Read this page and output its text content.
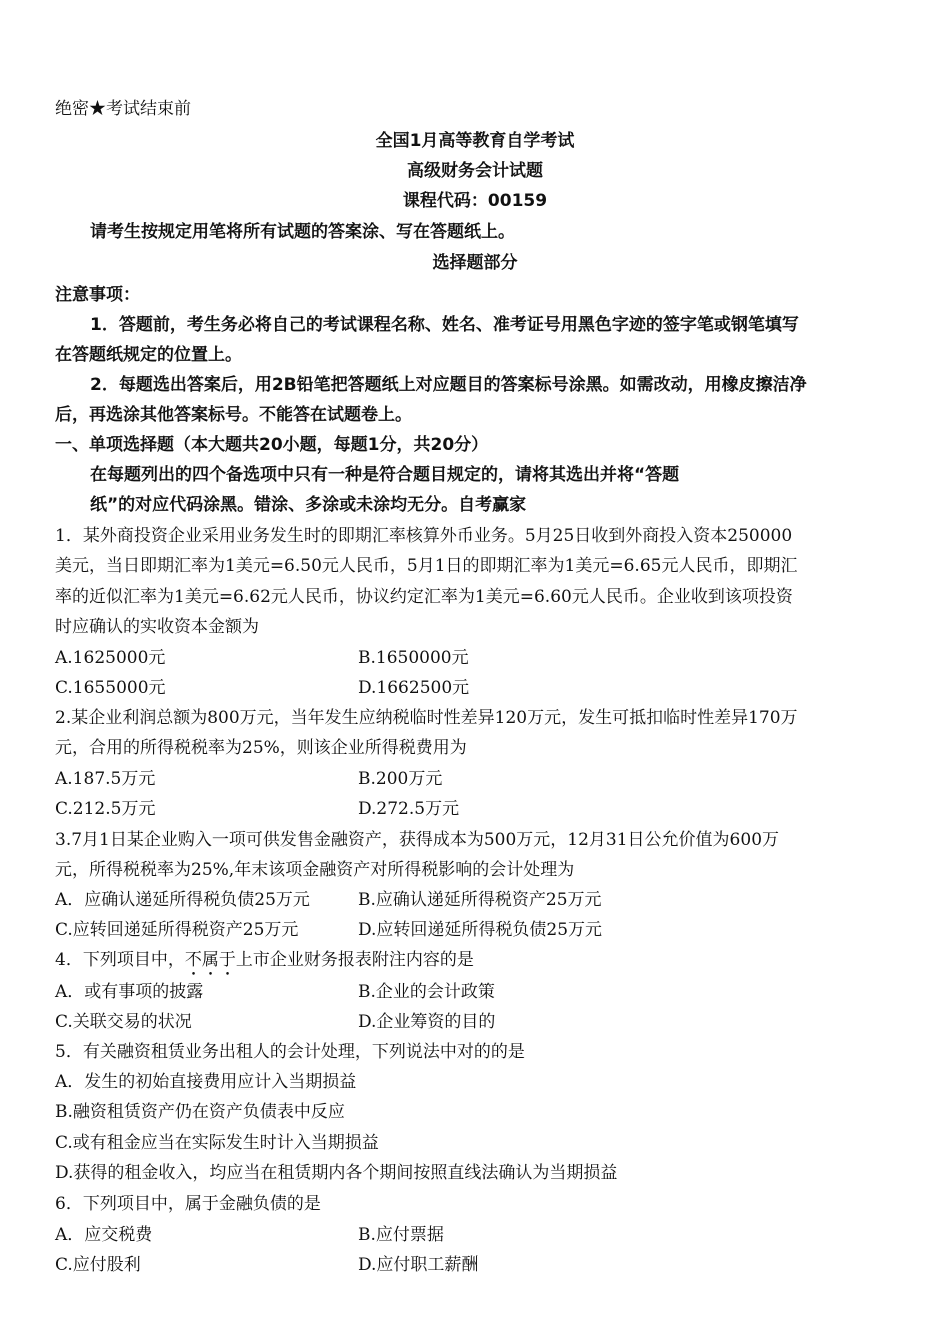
绝密★考试结束前
全国1月高等教育自学考试
高级财务会计试题
课程代码：00159
请考生按规定用笔将所有试题的答案涂、写在答题纸上。
选择题部分
注意事项：
1．答题前，考生务必将自己的考试课程名称、姓名、准考证号用黑色字迹的签字笔或钢笔填写
在答题纸规定的位置上。
2．每题选出答案后，用2B铅笔把答题纸上对应题目的答案标号涂黑。如需改动，用橡皮擦洁净
后，再选涂其他答案标号。不能答在试题卷上。
一、单项选择题（本大题共20小题，每题1分，共20分）
在每题列出的四个备选项中只有一种是符合题目规定的，请将其选出并将“答题
纸”的对应代码涂黑。错涂、多涂或未涂均无分。自考赢家
1．某外商投资企业采用业务发生时的即期汇率核算外币业务。5月25日收到外商投入资本250000
美元，当日即期汇率为1美元=6.50元人民币，5月1日的即期汇率为1美元=6.65元人民币，即期汇
率的近似汇率为1美元=6.62元人民币，协议约定汇率为1美元=6.60元人民币。企业收到该项投资
时应确认的实收资本金额为
A.1625000元	B.1650000元
C.1655000元	D.1662500元
2.某企业利润总额为800万元，当年发生应纳税临时性差异120万元，发生可抵扣临时性差异170万
元，合用的所得税税率为25%，则该企业所得税费用为
A.187.5万元	B.200万元
C.212.5万元	D.272.5万元
3.7月1日某企业购入一项可供发售金融资产，获得成本为500万元，12月31日公允价值为600万
元，所得税税率为25%,年末该项金融资产对所得税影响的会计处理为
A．应确认递延所得税负债25万元	B.应确认递延所得税资产25万元
C.应转回递延所得税资产25万元	D.应转回递延所得税负债25万元
4．下列项目中，不属于上市企业财务报表附注内容的是
A．或有事项的披露	B.企业的会计政策
C.关联交易的状况	D.企业筹资的目的
5．有关融资租赁业务出租人的会计处理，下列说法中对的的是
A．发生的初始直接费用应计入当期损益
B.融资租赁资产仍在资产负债表中反应
C.或有租金应当在实际发生时计入当期损益
D.获得的租金收入，均应当在租赁期内各个期间按照直线法确认为当期损益
6．下列项目中，属于金融负债的是
A．应交税费	B.应付票据
C.应付股利	D.应付职工薪酬
